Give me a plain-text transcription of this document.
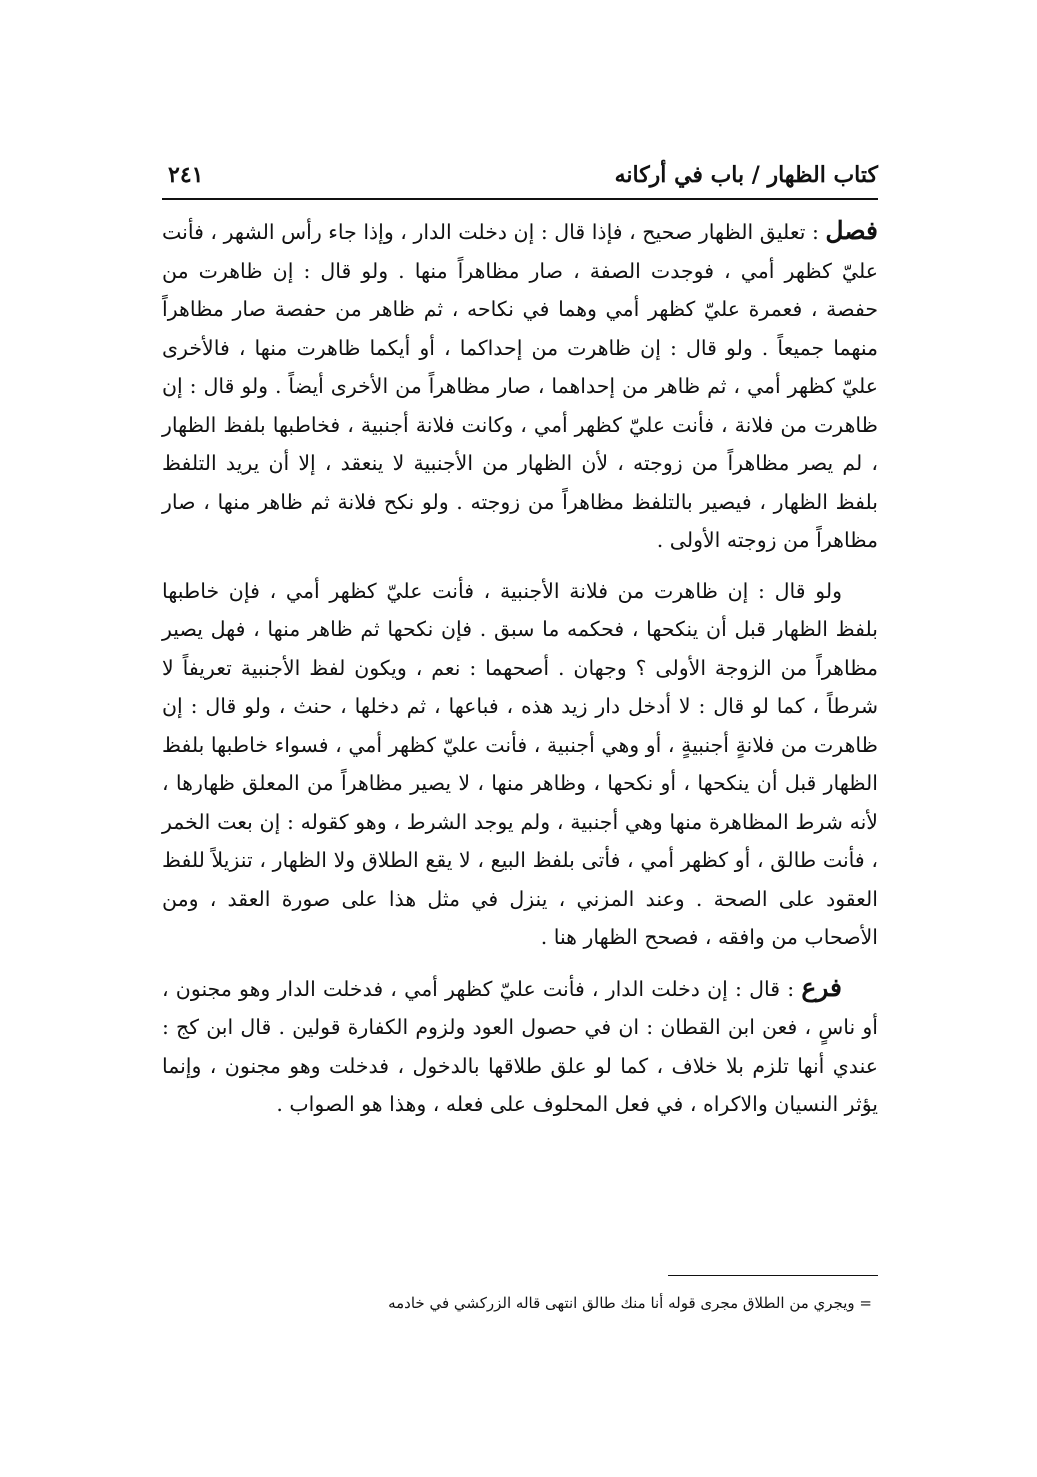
كتاب الظهار / باب في أركانه
٢٤١

فصل : تعليق الظهار صحيح ، فإذا قال : إن دخلت الدار ، وإذا جاء رأس الشهر ، فأنت عليّ كظهر أمي ، فوجدت الصفة ، صار مظاهراً منها . ولو قال : إن ظاهرت من حفصة ، فعمرة عليّ كظهر أمي وهما في نكاحه ، ثم ظاهر من حفصة صار مظاهراً منهما جميعاً . ولو قال : إن ظاهرت من إحداكما ، أو أيكما ظاهرت منها ، فالأخرى عليّ كظهر أمي ، ثم ظاهر من إحداهما ، صار مظاهراً من الأخرى أيضاً . ولو قال : إن ظاهرت من فلانة ، فأنت عليّ كظهر أمي ، وكانت فلانة أجنبية ، فخاطبها بلفظ الظهار ، لم يصر مظاهراً من زوجته ، لأن الظهار من الأجنبية لا ينعقد ، إلا أن يريد التلفظ بلفظ الظهار ، فيصير بالتلفظ مظاهراً من زوجته . ولو نكح فلانة ثم ظاهر منها ، صار مظاهراً من زوجته الأولى .

ولو قال : إن ظاهرت من فلانة الأجنبية ، فأنت عليّ كظهر أمي ، فإن خاطبها بلفظ الظهار قبل أن ينكحها ، فحكمه ما سبق . فإن نكحها ثم ظاهر منها ، فهل يصير مظاهراً من الزوجة الأولى ؟ وجهان . أصحهما : نعم ، ويكون لفظ الأجنبية تعريفاً لا شرطاً ، كما لو قال : لا أدخل دار زيد هذه ، فباعها ، ثم دخلها ، حنث ، ولو قال : إن ظاهرت من فلانةٍ أجنبيةٍ ، أو وهي أجنبية ، فأنت عليّ كظهر أمي ، فسواء خاطبها بلفظ الظهار قبل أن ينكحها ، أو نكحها ، وظاهر منها ، لا يصير مظاهراً من المعلق ظهارها ، لأنه شرط المظاهرة منها وهي أجنبية ، ولم يوجد الشرط ، وهو كقوله : إن بعت الخمر ، فأنت طالق ، أو كظهر أمي ، فأتى بلفظ البيع ، لا يقع الطلاق ولا الظهار ، تنزيلاً للفظ العقود على الصحة . وعند المزني ، ينزل في مثل هذا على صورة العقد ، ومن الأصحاب من وافقه ، فصحح الظهار هنا .

فرع : قال : إن دخلت الدار ، فأنت عليّ كظهر أمي ، فدخلت الدار وهو مجنون ، أو ناسٍ ، فعن ابن القطان : ان في حصول العود ولزوم الكفارة قولين . قال ابن كج : عندي أنها تلزم بلا خلاف ، كما لو علق طلاقها بالدخول ، فدخلت وهو مجنون ، وإنما يؤثر النسيان والاكراه ، في فعل المحلوف على فعله ، وهذا هو الصواب .

= ويجري من الطلاق مجرى قوله أنا منك طالق انتهى قاله الزركشي في خادمه
